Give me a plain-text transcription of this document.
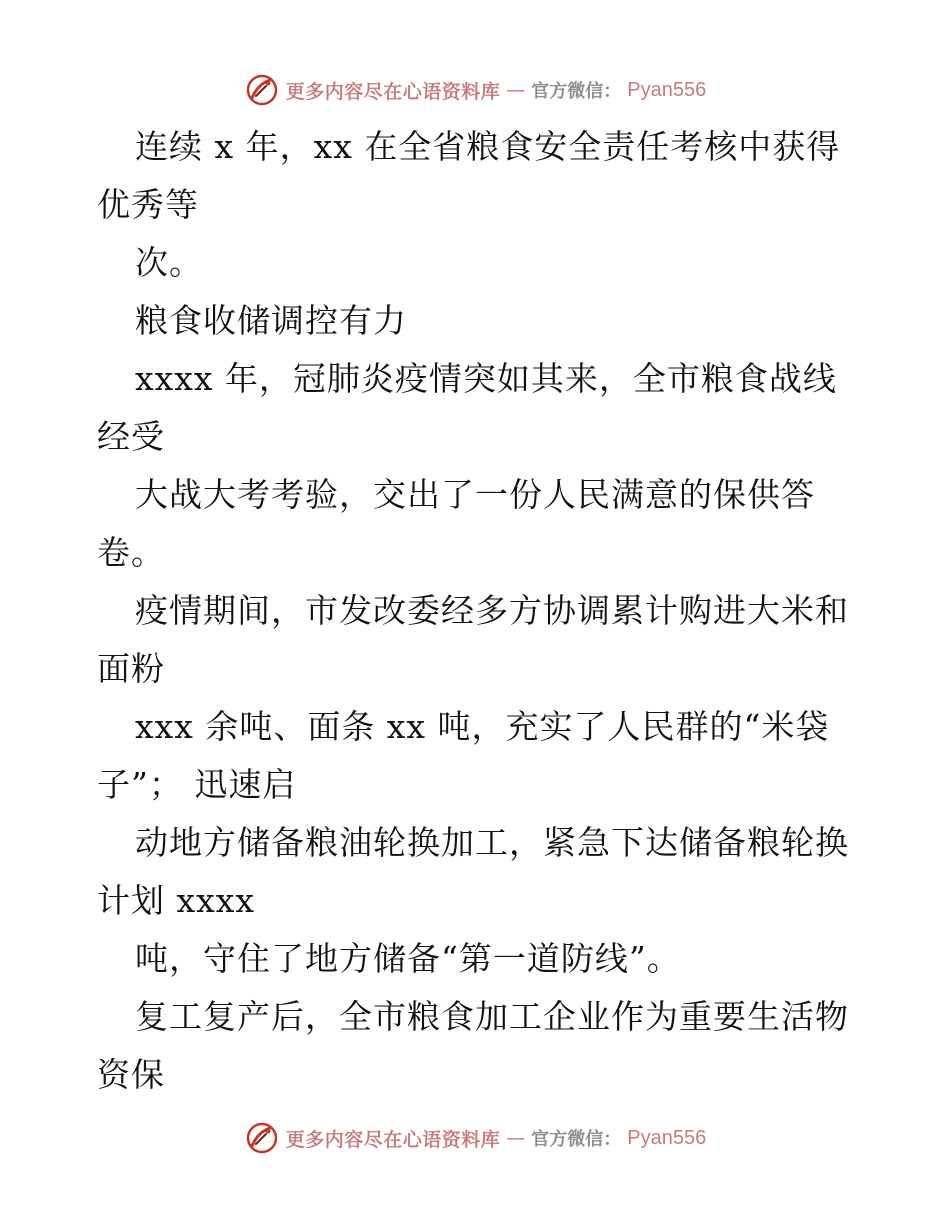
更多内容尽在心语资料库 — 官方微信： Pyan556
连续 x 年，xx 在全省粮食安全责任考核中获得
优秀等
次。
粮食收储调控有力
xxxx 年，冠肺炎疫情突如其来，全市粮食战线
经受
大战大考考验，交出了一份人民满意的保供答
卷。
疫情期间，市发改委经多方协调累计购进大米和
面粉
xxx 余吨、面条 xx 吨，充实了人民群的“米袋
子”； 迅速启
动地方储备粮油轮换加工，紧急下达储备粮轮换
计划 xxxx
吨，守住了地方储备“第一道防线”。
复工复产后，全市粮食加工企业作为重要生活物
资保
更多内容尽在心语资料库 — 官方微信： Pyan556
